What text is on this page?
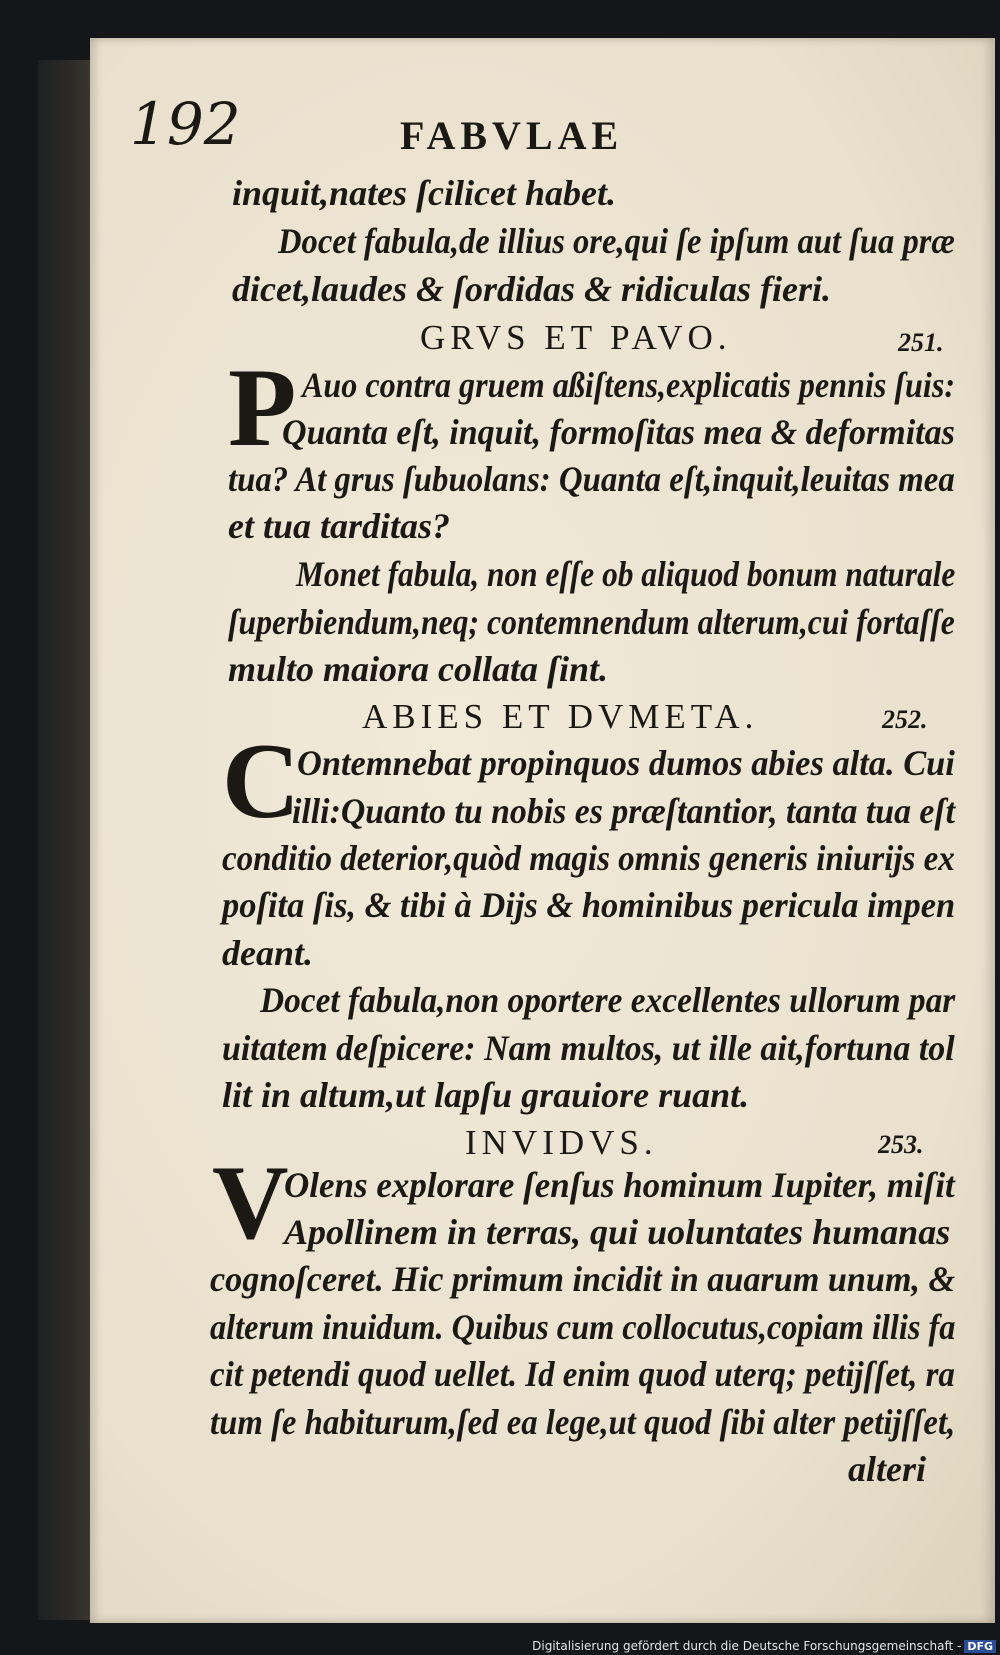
192	FABVLAE
inquit,nates ſcilicet habet.
Docet fabula,de illius ore,qui ſe ipſum aut ſua præ
dicet,laudes & ſordidas & ridiculas fieri.
GRVS ET PAVO.	251.
P Auo contra gruem aßiſtens,explicatis pennis ſuis:
Quanta eſt, inquit, formoſitas mea & deformitas
tua? At grus ſubuolans: Quanta eſt,inquit,leuitas mea
et tua tarditas?
Monet fabula, non eſſe ob aliquod bonum naturale
ſuperbiendum,neq; contemnendum alterum,cui fortaſſe
multo maiora collata ſint.
ABIES ET DVMETA.	252.
C
Ontemnebat propinquos dumos abies alta. Cui
illi:Quanto tu nobis es præſtantior, tanta tua eſt
conditio deterior,quòd magis omnis generis iniurijs ex
poſita ſis, & tibi à Dijs & hominibus pericula impen
deant.
Docet fabula,non oportere excellentes ullorum par
uitatem deſpicere: Nam multos, ut ille ait,fortuna tol
lit in altum,ut lapſu grauiore ruant.
INVIDVS.	253.
V
Olens explorare ſenſus hominum Iupiter, miſit
Apollinem in terras, qui uoluntates humanas
cognoſceret. Hic primum incidit in auarum unum, &
alterum inuidum. Quibus cum collocutus,copiam illis fa
cit petendi quod uellet. Id enim quod uterq; petijſſet, ra
tum ſe habiturum,ſed ea lege,ut quod ſibi alter petijſſet,
alteri
Digitalisierung gefördert durch die Deutsche Forschungsgemeinschaft - DFG
